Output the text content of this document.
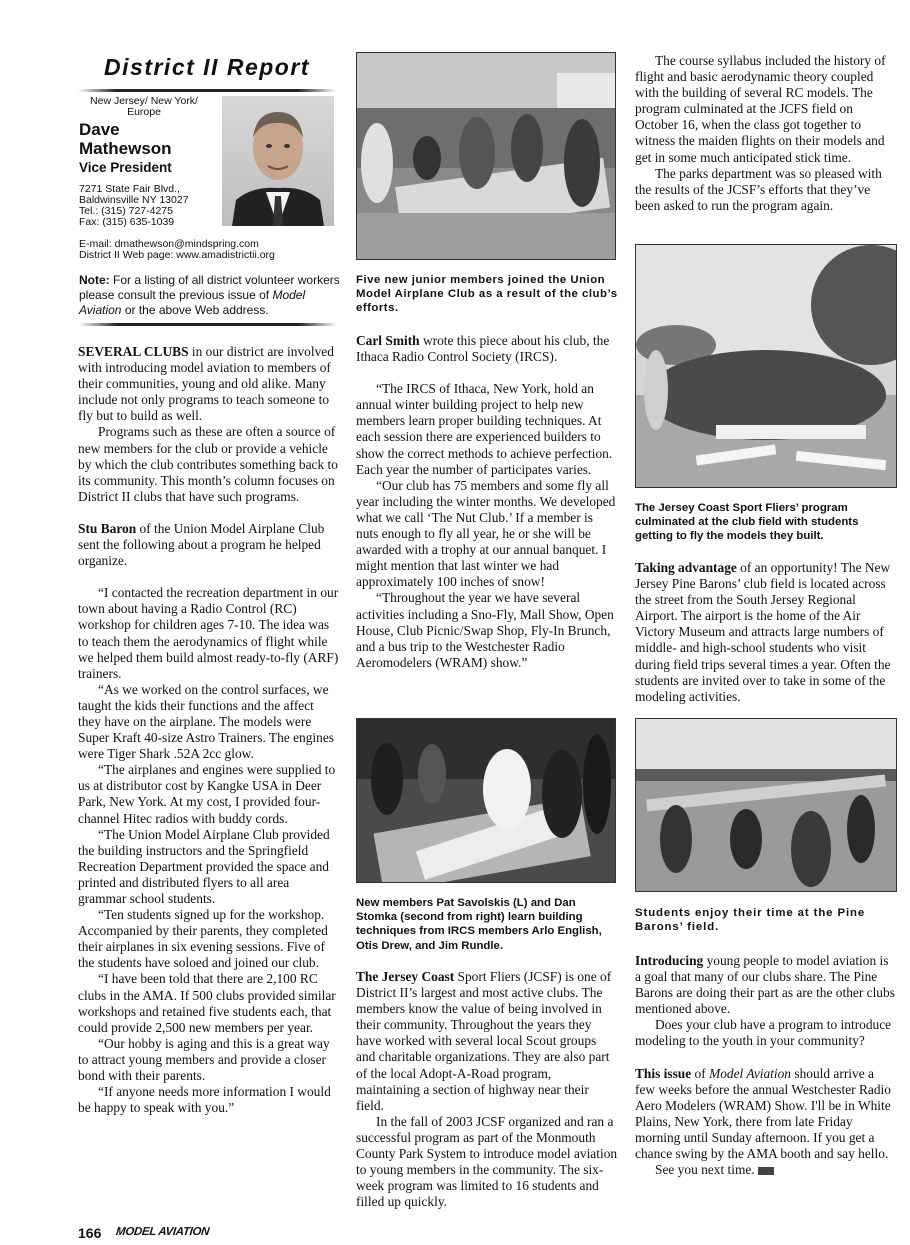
District II Report
New Jersey/ New York/ Europe
Dave
Mathewson
Vice President
7271 State Fair Blvd.,
Baldwinsville NY 13027
Tel.: (315) 727-4275
Fax: (315) 635-1039
E-mail: dmathewson@mindspring.com
District II Web page: www.amadistrictii.org
Note: For a listing of all district volunteer workers please consult the previous issue of Model Aviation or the above Web address.

SEVERAL CLUBS in our district are involved with introducing model aviation to members of their communities, young and old alike. Many include not only programs to teach someone to fly but to build as well.

Programs such as these are often a source of new members for the club or provide a vehicle by which the club contributes something back to its community. This month’s column focuses on District II clubs that have such programs.

Stu Baron of the Union Model Airplane Club sent the following about a program he helped organize.

“I contacted the recreation department in our town about having a Radio Control (RC) workshop for children ages 7-10. The idea was to teach them the aerodynamics of flight while we helped them build almost ready-to-fly (ARF) trainers.

“As we worked on the control surfaces, we taught the kids their functions and the affect they have on the airplane. The models were Super Kraft 40-size Astro Trainers. The engines were Tiger Shark .52A 2cc glow.

“The airplanes and engines were supplied to us at distributor cost by Kangke USA in Deer Park, New York. At my cost, I provided four-channel Hitec radios with buddy cords.

“The Union Model Airplane Club provided the building instructors and the Springfield Recreation Department provided the space and printed and distributed flyers to all area grammar school students.

“Ten students signed up for the workshop. Accompanied by their parents, they completed their airplanes in six evening sessions. Five of the students have soloed and joined our club.

“I have been told that there are 2,100 RC clubs in the AMA. If 500 clubs provided similar workshops and retained five students each, that could provide 2,500 new members per year.

“Our hobby is aging and this is a great way to attract young members and provide a closer bond with their parents.

“If anyone needs more information I would be happy to speak with you.”

Five new junior members joined the Union Model Airplane Club as a result of the club’s efforts.

Carl Smith wrote this piece about his club, the Ithaca Radio Control Society (IRCS).

“The IRCS of Ithaca, New York, hold an annual winter building project to help new members learn proper building techniques. At each session there are experienced builders to show the correct methods to achieve perfection. Each year the number of participates varies.

“Our club has 75 members and some fly all year including the winter months. We developed what we call ‘The Nut Club.’ If a member is nuts enough to fly all year, he or she will be awarded with a trophy at our annual banquet. I might mention that last winter we had approximately 100 inches of snow!

“Throughout the year we have several activities including a Sno-Fly, Mall Show, Open House, Club Picnic/Swap Shop, Fly-In Brunch, and a bus trip to the Westchester Radio Aeromodelers (WRAM) show.”

New members Pat Savolskis (L) and Dan Stomka (second from right) learn building techniques from IRCS members Arlo English, Otis Drew, and Jim Rundle.

The Jersey Coast Sport Fliers (JCSF) is one of District II’s largest and most active clubs. The members know the value of being involved in their community. Throughout the years they have worked with several local Scout groups and charitable organizations. They are also part of the local Adopt-A-Road program, maintaining a section of highway near their field.

In the fall of 2003 JCSF organized and ran a successful program as part of the Monmouth County Park System to introduce model aviation to young members in the community. The six-week program was limited to 16 students and filled up quickly.

The course syllabus included the history of flight and basic aerodynamic theory coupled with the building of several RC models. The program culminated at the JCFS field on October 16, when the class got together to witness the maiden flights on their models and get in some much anticipated stick time.

The parks department was so pleased with the results of the JCSF’s efforts that they’ve been asked to run the program again.

The Jersey Coast Sport Fliers’ program culminated at the club field with students getting to fly the models they built.

Taking advantage of an opportunity! The New Jersey Pine Barons’ club field is located across the street from the South Jersey Regional Airport. The airport is the home of the Air Victory Museum and attracts large numbers of middle- and high-school students who visit during field trips several times a year. Often the students are invited over to take in some of the modeling activities.

Students enjoy their time at the Pine Barons’ field.

Introducing young people to model aviation is a goal that many of our clubs share. The Pine Barons are doing their part as are the other clubs mentioned above.

Does your club have a program to introduce modeling to the youth in your community?

This issue of Model Aviation should arrive a few weeks before the annual Westchester Radio Aero Modelers (WRAM) Show. I'll be in White Plains, New York, there from late Friday morning until Sunday afternoon. If you get a chance swing by the AMA booth and say hello.

See you next time.

166 MODEL AVIATION
